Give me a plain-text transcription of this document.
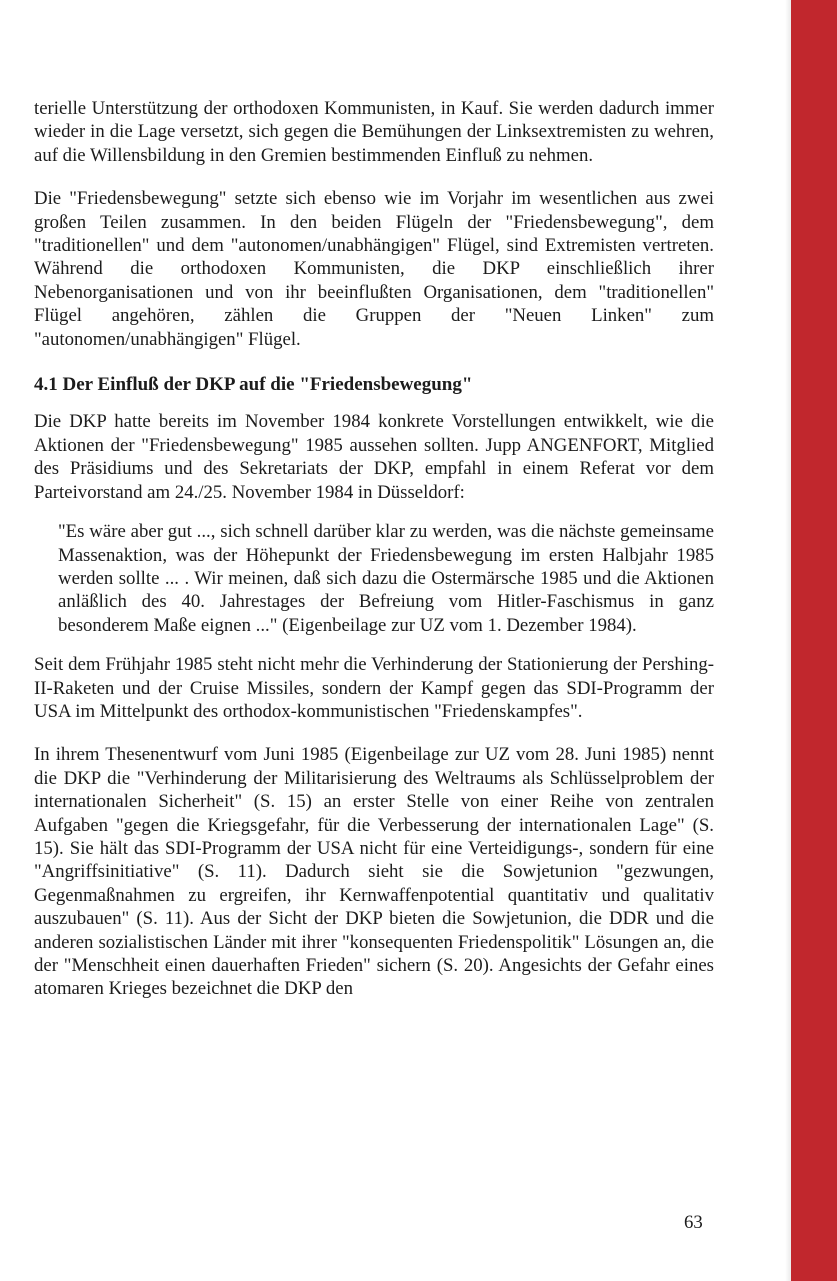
terielle Unterstützung der orthodoxen Kommunisten, in Kauf. Sie werden dadurch immer wieder in die Lage versetzt, sich gegen die Bemühungen der Linksextremisten zu wehren, auf die Willensbildung in den Gremien bestimmenden Einfluß zu nehmen.

Die "Friedensbewegung" setzte sich ebenso wie im Vorjahr im wesentlichen aus zwei großen Teilen zusammen. In den beiden Flügeln der "Friedensbewegung", dem "traditionellen" und dem "autonomen/unabhängigen" Flügel, sind Extremisten vertreten. Während die orthodoxen Kommunisten, die DKP einschließlich ihrer Nebenorganisationen und von ihr beeinflußten Organisationen, dem "traditionellen" Flügel angehören, zählen die Gruppen der "Neuen Linken" zum "autonomen/unabhängigen" Flügel.

4.1 Der Einfluß der DKP auf die "Friedensbewegung"

Die DKP hatte bereits im November 1984 konkrete Vorstellungen entwikkelt, wie die Aktionen der "Friedensbewegung" 1985 aussehen sollten. Jupp ANGENFORT, Mitglied des Präsidiums und des Sekretariats der DKP, empfahl in einem Referat vor dem Parteivorstand am 24./25. November 1984 in Düsseldorf:

"Es wäre aber gut ..., sich schnell darüber klar zu werden, was die nächste gemeinsame Massenaktion, was der Höhepunkt der Friedensbewegung im ersten Halbjahr 1985 werden sollte ... . Wir meinen, daß sich dazu die Ostermärsche 1985 und die Aktionen anläßlich des 40. Jahrestages der Befreiung vom Hitler-Faschismus in ganz besonderem Maße eignen ..." (Eigenbeilage zur UZ vom 1. Dezember 1984).

Seit dem Frühjahr 1985 steht nicht mehr die Verhinderung der Stationierung der Pershing-II-Raketen und der Cruise Missiles, sondern der Kampf gegen das SDI-Programm der USA im Mittelpunkt des orthodox-kommunistischen "Friedenskampfes".

In ihrem Thesenentwurf vom Juni 1985 (Eigenbeilage zur UZ vom 28. Juni 1985) nennt die DKP die "Verhinderung der Militarisierung des Weltraums als Schlüsselproblem der internationalen Sicherheit" (S. 15) an erster Stelle von einer Reihe von zentralen Aufgaben "gegen die Kriegsgefahr, für die Verbesserung der internationalen Lage" (S. 15). Sie hält das SDI-Programm der USA nicht für eine Verteidigungs-, sondern für eine "Angriffsinitiative" (S. 11). Dadurch sieht sie die Sowjetunion "gezwungen, Gegenmaßnahmen zu ergreifen, ihr Kernwaffenpotential quantitativ und qualitativ auszubauen" (S. 11). Aus der Sicht der DKP bieten die Sowjetunion, die DDR und die anderen sozialistischen Länder mit ihrer "konsequenten Friedenspolitik" Lösungen an, die der "Menschheit einen dauerhaften Frieden" sichern (S. 20). Angesichts der Gefahr eines atomaren Krieges bezeichnet die DKP den

63
